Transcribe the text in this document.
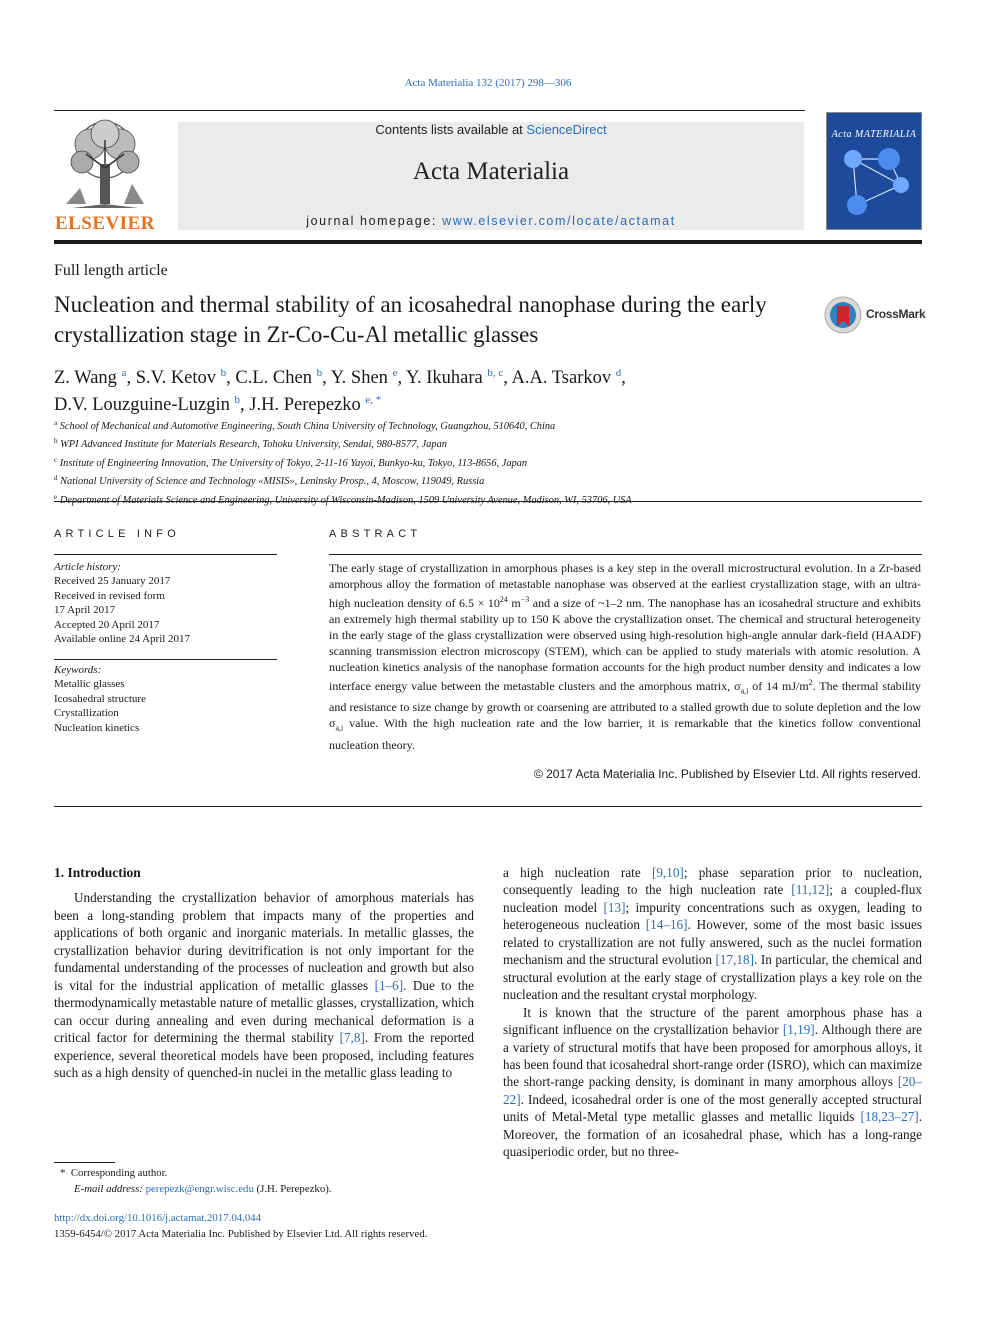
Acta Materialia 132 (2017) 298—306
ELSEVIER
Contents lists available at ScienceDirect
Acta Materialia
journal homepage: www.elsevier.com/locate/actamat
Acta MATERIALIA
Full length article
Nucleation and thermal stability of an icosahedral nanophase during the early crystallization stage in Zr-Co-Cu-Al metallic glasses
CrossMark
Z. Wang $^a$, S.V. Ketov $^b$, C.L. Chen $^b$, Y. Shen $^e$, Y. Ikuhara $^{b, c}$, A.A. Tsarkov $^d$,
D.V. Louzguine-Luzgin $^b$, J.H. Perepezko $^{e, *}$
$^a$ School of Mechanical and Automotive Engineering, South China University of Technology, Guangzhou, 510640, China
$^b$ WPI Advanced Institute for Materials Research, Tohoku University, Sendai, 980-8577, Japan
$^c$ Institute of Engineering Innovation, The University of Tokyo, 2-11-16 Yayoi, Bunkyo-ku, Tokyo, 113-8656, Japan
$^d$ National University of Science and Technology «MISIS», Leninsky Prosp., 4, Moscow, 119049, Russia
$^e$
ARTICLE INFO
Article history:
Received 25 January 2017
Received in revised form
17 April 2017
Accepted 20 April 2017
Available online 24 April 2017
Keywords:
Metallic glasses
Icosahedral structure
Crystallization
Nucleation kinetics
ABSTRACT
The early stage of crystallization in amorphous phases is a key step in the overall microstructural evolution. In a Zr-based amorphous alloy the formation of metastable nanophase was observed at the earliest crystallization stage, with an ultra-high nucleation density of $6.5 \times 10^{24}$ $m^{-3}$ and a size of ~1–2 nm. The nanophase has an icosahedral structure and exhibits an extremely high thermal stability up to 150 K above the crystallization onset. The chemical and structural heterogeneity in the early stage of the glass crystallization were observed using high-resolution high-angle annular dark-field (HAADF) scanning transmission electron microscopy (STEM), which can be applied to study materials with atomic resolution. A nucleation kinetics analysis of the nanophase formation accounts for the high product number density and indicates a low interface energy value between the metastable clusters and the amorphous matrix, $\sigma_{a,i}$ of 14 $mJ/m^2$. The thermal stability and resistance to size change by growth or coarsening are attributed to a stalled growth due to solute depletion and the low $\sigma_{a,i}$ value. With the high nucleation rate and the low barrier, it is remarkable that the kinetics follow conventional nucleation theory.
© 2017 Acta Materialia Inc. Published by Elsevier Ltd. All rights reserved.
1. Introduction

Understanding the crystallization behavior of amorphous materials has been a long-standing problem that impacts many of the properties and applications of both organic and inorganic materials. In metallic glasses, the crystallization behavior during devitrification is not only important for the fundamental understanding of the processes of nucleation and growth but also is vital for the industrial application of metallic glasses [1–6]. Due to the thermodynamically metastable nature of metallic glasses, crystallization, which can occur during annealing and even during mechanical deformation is a critical factor for determining the thermal stability [7,8]. From the reported experience, several theoretical models have been proposed, including features such as a high density of quenched-in nuclei in the metallic glass leading to

a high nucleation rate [9,10]; phase separation prior to nucleation, consequently leading to the high nucleation rate [11,12]; a coupled-flux nucleation model [13]; impurity concentrations such as oxygen, leading to heterogeneous nucleation [14–16]. However, some of the most basic issues related to crystallization are not fully answered, such as the nuclei formation mechanism and the structural evolution [17,18]. In particular, the chemical and structural evolution at the early stage of crystallization plays a key role on the nucleation and the resultant crystal morphology.

It is known that the structure of the parent amorphous phase has a significant influence on the crystallization behavior [1,19]. Although there are a variety of structural motifs that have been proposed for amorphous alloys, it has been found that icosahedral short-range order (ISRO), which can maximize the short-range packing density, is dominant in many amorphous alloys [20–22]. Indeed, icosahedral order is one of the most generally accepted structural units of Metal-Metal type metallic glasses and metallic liquids [18,23–27]. Moreover, the formation of an icosahedral phase, which has a long-range quasiperiodic order, but no three-

* Corresponding author.
E-mail address: perepezk@engr.wisc.edu (J.H. Perepezko).
http://dx.doi.org/10.1016/j.actamat.2017.04.044
1359-6454/© 2017 Acta Materialia Inc. Published by Elsevier Ltd. All rights reserved.
